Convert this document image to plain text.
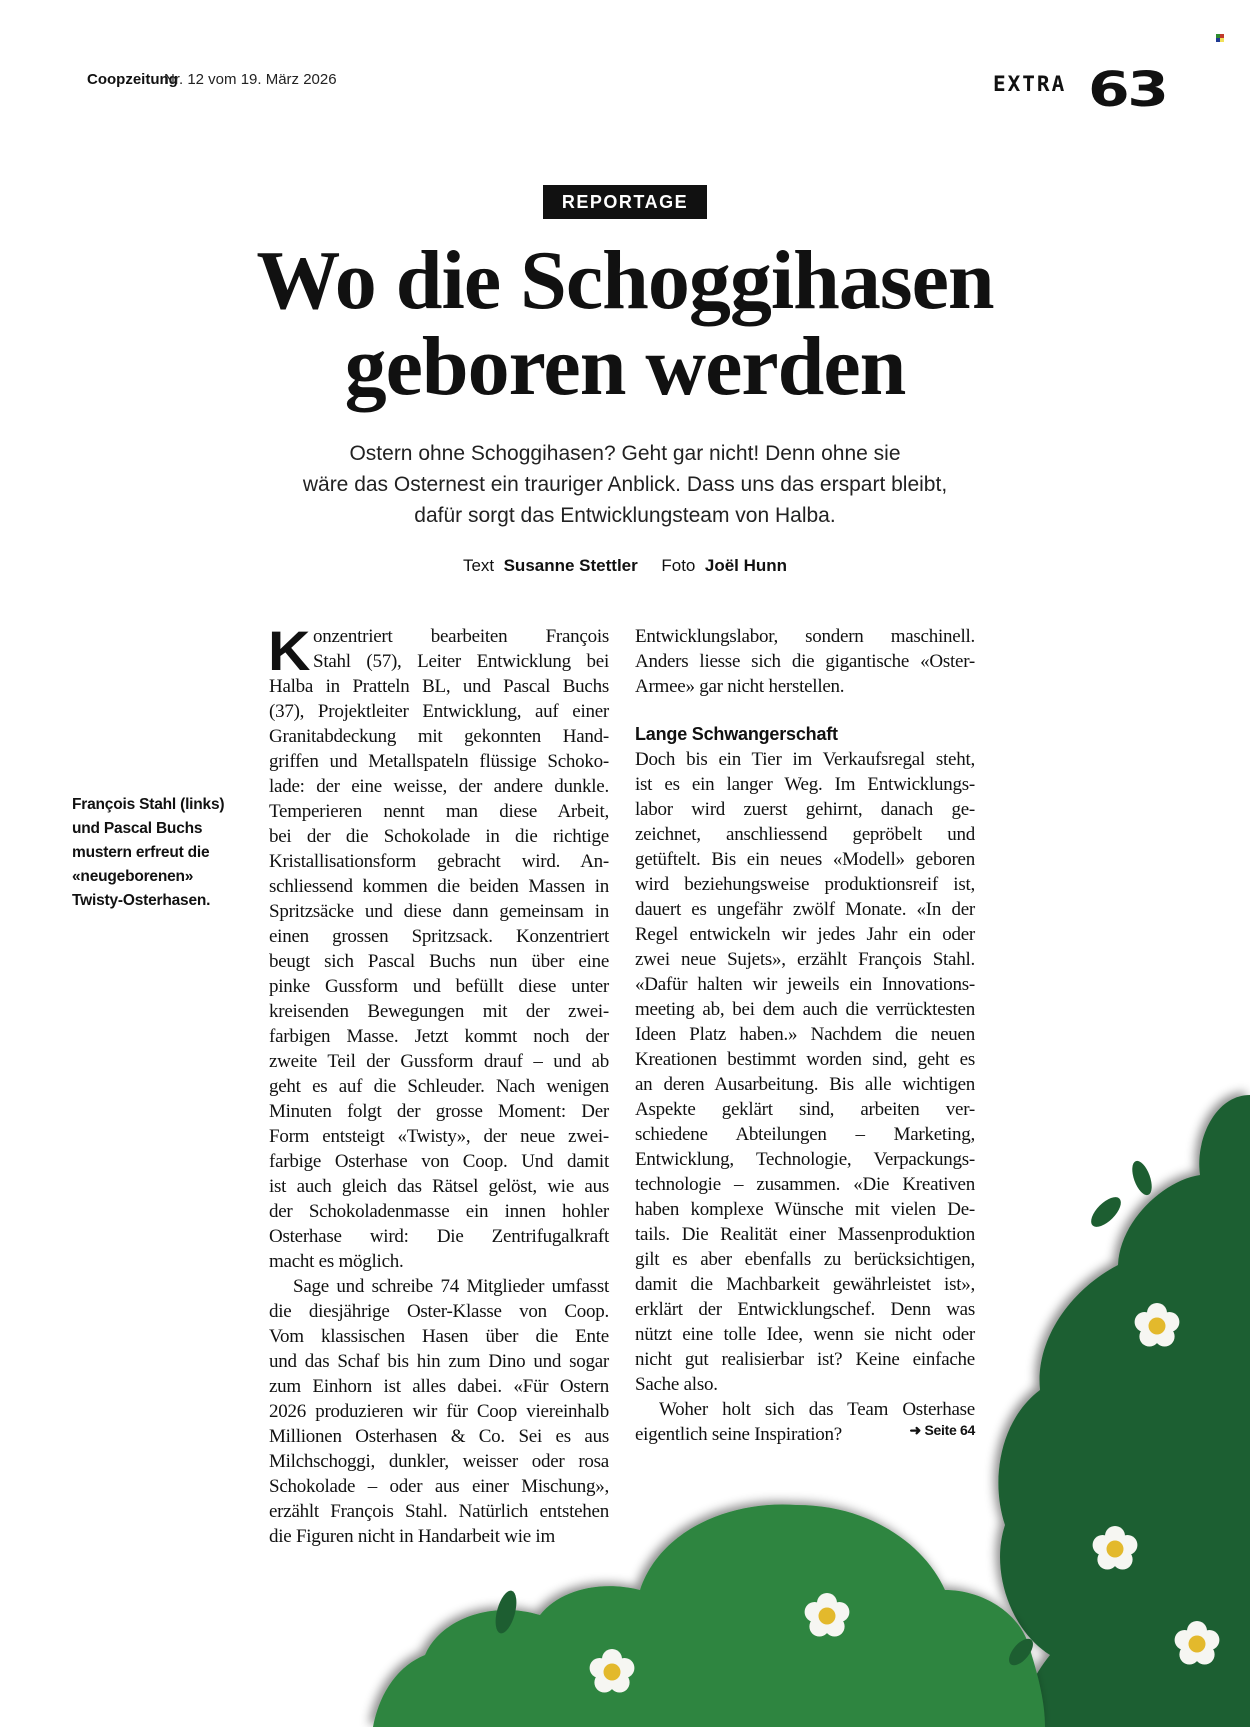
Coopzeitung
Nr. 12 vom 19. März 2026	EXTRA 63
REPORTAGE
Wo die Schoggihasen
geboren werden
Ostern ohne Schoggihasen? Geht gar nicht! Denn ohne sie
wäre das Osternest ein trauriger Anblick. Dass uns das erspart bleibt,
dafür sorgt das Entwicklungsteam von Halba.
Text Susanne Stettler Foto Joël Hunn
François Stahl (links)
und Pascal Buchs
mustern erfreut die
«neugeborenen»
Twisty-Osterhasen.
K onzentriert bearbeiten François
Stahl (57), Leiter Entwicklung bei
Halba in Pratteln BL, und Pascal Buchs
(37), Projektleiter Entwicklung, auf einer
Granitabdeckung mit gekonnten Hand-
griffen und Metallspateln flüssige Schoko-
lade: der eine weisse, der andere dunkle.
Temperieren nennt man diese Arbeit,
bei der die Schokolade in die richtige
Kristallisationsform gebracht wird. An-
schliessend kommen die beiden Massen in
Spritzsäcke und diese dann gemeinsam in
einen grossen Spritzsack. Konzentriert
beugt sich Pascal Buchs nun über eine
pinke Gussform und befüllt diese unter
kreisenden Bewegungen mit der zwei-
farbigen Masse. Jetzt kommt noch der
zweite Teil der Gussform drauf – und ab
geht es auf die Schleuder. Nach wenigen
Minuten folgt der grosse Moment: Der
Form entsteigt «Twisty», der neue zwei-
farbige Osterhase von Coop. Und damit
ist auch gleich das Rätsel gelöst, wie aus
der Schokoladenmasse ein innen hohler
Osterhase wird: Die Zentrifugalkraft
macht es möglich.
Sage und schreibe 74 Mitglieder umfasst
die diesjährige Oster-Klasse von Coop.
Vom klassischen Hasen über die Ente
und das Schaf bis hin zum Dino und sogar
zum Einhorn ist alles dabei. «Für Ostern
2026 produzieren wir für Coop viereinhalb
Millionen Osterhasen & Co. Sei es aus
Milchschoggi, dunkler, weisser oder rosa
Schokolade – oder aus einer Mischung»,
erzählt François Stahl. Natürlich entstehen
die Figuren nicht in Handarbeit wie im
Entwicklungslabor, sondern maschinell.
Anders liesse sich die gigantische «Oster-
Armee» gar nicht herstellen.
Lange Schwangerschaft
Doch bis ein Tier im Verkaufsregal steht,
ist es ein langer Weg. Im Entwicklungs-
labor wird zuerst gehirnt, danach ge-
zeichnet, anschliessend gepröbelt und
getüftelt. Bis ein neues «Modell» geboren
wird beziehungsweise produktionsreif ist,
dauert es ungefähr zwölf Monate. «In der
Regel entwickeln wir jedes Jahr ein oder
zwei neue Sujets», erzählt François Stahl.
«Dafür halten wir jeweils ein Innovations-
meeting ab, bei dem auch die verrücktesten
Ideen Platz haben.» Nachdem die neuen
Kreationen bestimmt worden sind, geht es
an deren Ausarbeitung. Bis alle wichtigen
Aspekte geklärt sind, arbeiten ver-
schiedene Abteilungen – Marketing,
Entwicklung, Technologie, Verpackungs-
technologie – zusammen. «Die Kreativen
haben komplexe Wünsche mit vielen De-
tails. Die Realität einer Massenproduktion
gilt es aber ebenfalls zu berücksichtigen,
damit die Machbarkeit gewährleistet ist»,
erklärt der Entwicklungschef. Denn was
nützt eine tolle Idee, wenn sie nicht oder
nicht gut realisierbar ist? Keine einfache
Sache also.
Woher holt sich das Team Osterhase
eigentlich seine Inspiration?	➜ Seite 64
